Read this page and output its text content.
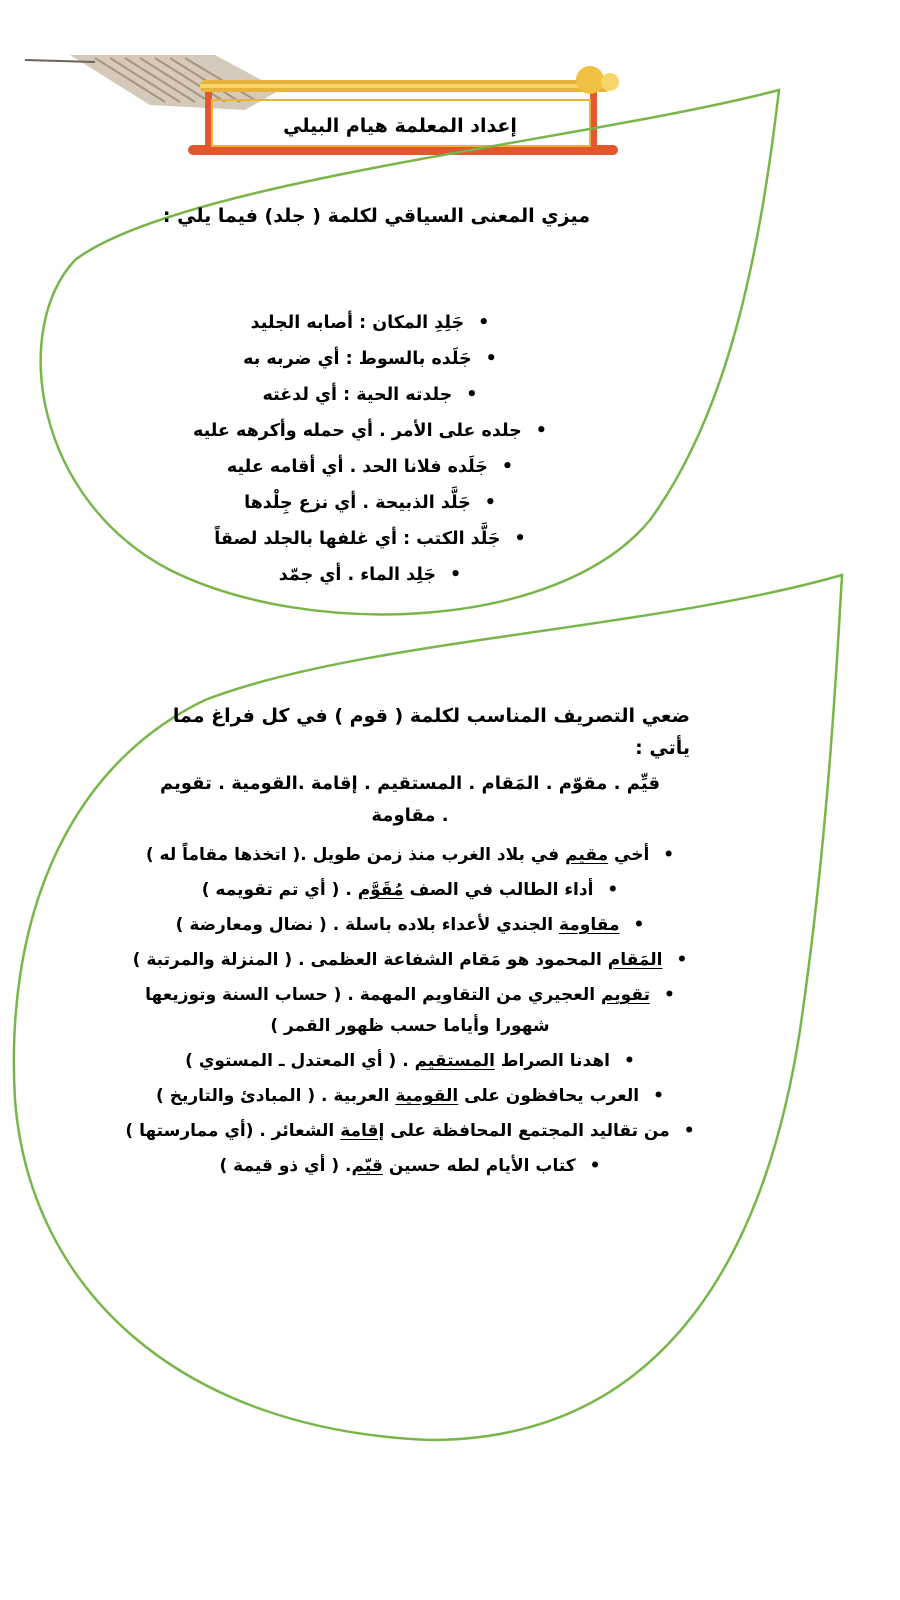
إعداد المعلمة هيام البيلي
ميزي المعنى السياقي لكلمة ( جلد) فيما يلي :
•جَلِدِ المكان : أصابه الجليد
•جَلَده بالسوط : أي ضربه به
•جلدته الحية : أي لدغته
•جلده على الأمر . أي حمله وأكرهه عليه
•جَلَده فلانا الحد . أي أقامه عليه
•جَلَّد الذبيحة . أي نزع جِلْدها
•جَلَّد الكتب : أي غلفها بالجلد لصقاً
•جَلِد الماء . أي جمّد
ضعي التصريف المناسب لكلمة ( قوم ) في كل فراغ مما يأتي :
قيِّم . مقوّم . المَقام . المستقيم . إقامة .القومية . تقويم . مقاومة
•أخي مقيم في بلاد الغرب منذ زمن طويل .( اتخذها مقاماً له )
•أداء الطالب في الصف مُقَوَّم . ( أي تم تقويمه )
•مقاومة الجندي لأعداء بلاده باسلة . ( نضال ومعارضة )
•المَقام المحمود هو مَقام الشفاعة العظمى . ( المنزلة والمرتبة )
•تقويم العجيري من التقاويم المهمة . ( حساب السنة وتوزيعها شهورا وأياما حسب ظهور القمر )
•اهدنا الصراط المستقيم . ( أي المعتدل ـ المستوي )
•العرب يحافظون على القومية العربية . ( المبادئ والتاريخ )
•من تقاليد المجتمع المحافظة على إقامة الشعائر . (أي ممارستها )
•كتاب الأيام لطه حسين قيّم. ( أي ذو قيمة )
